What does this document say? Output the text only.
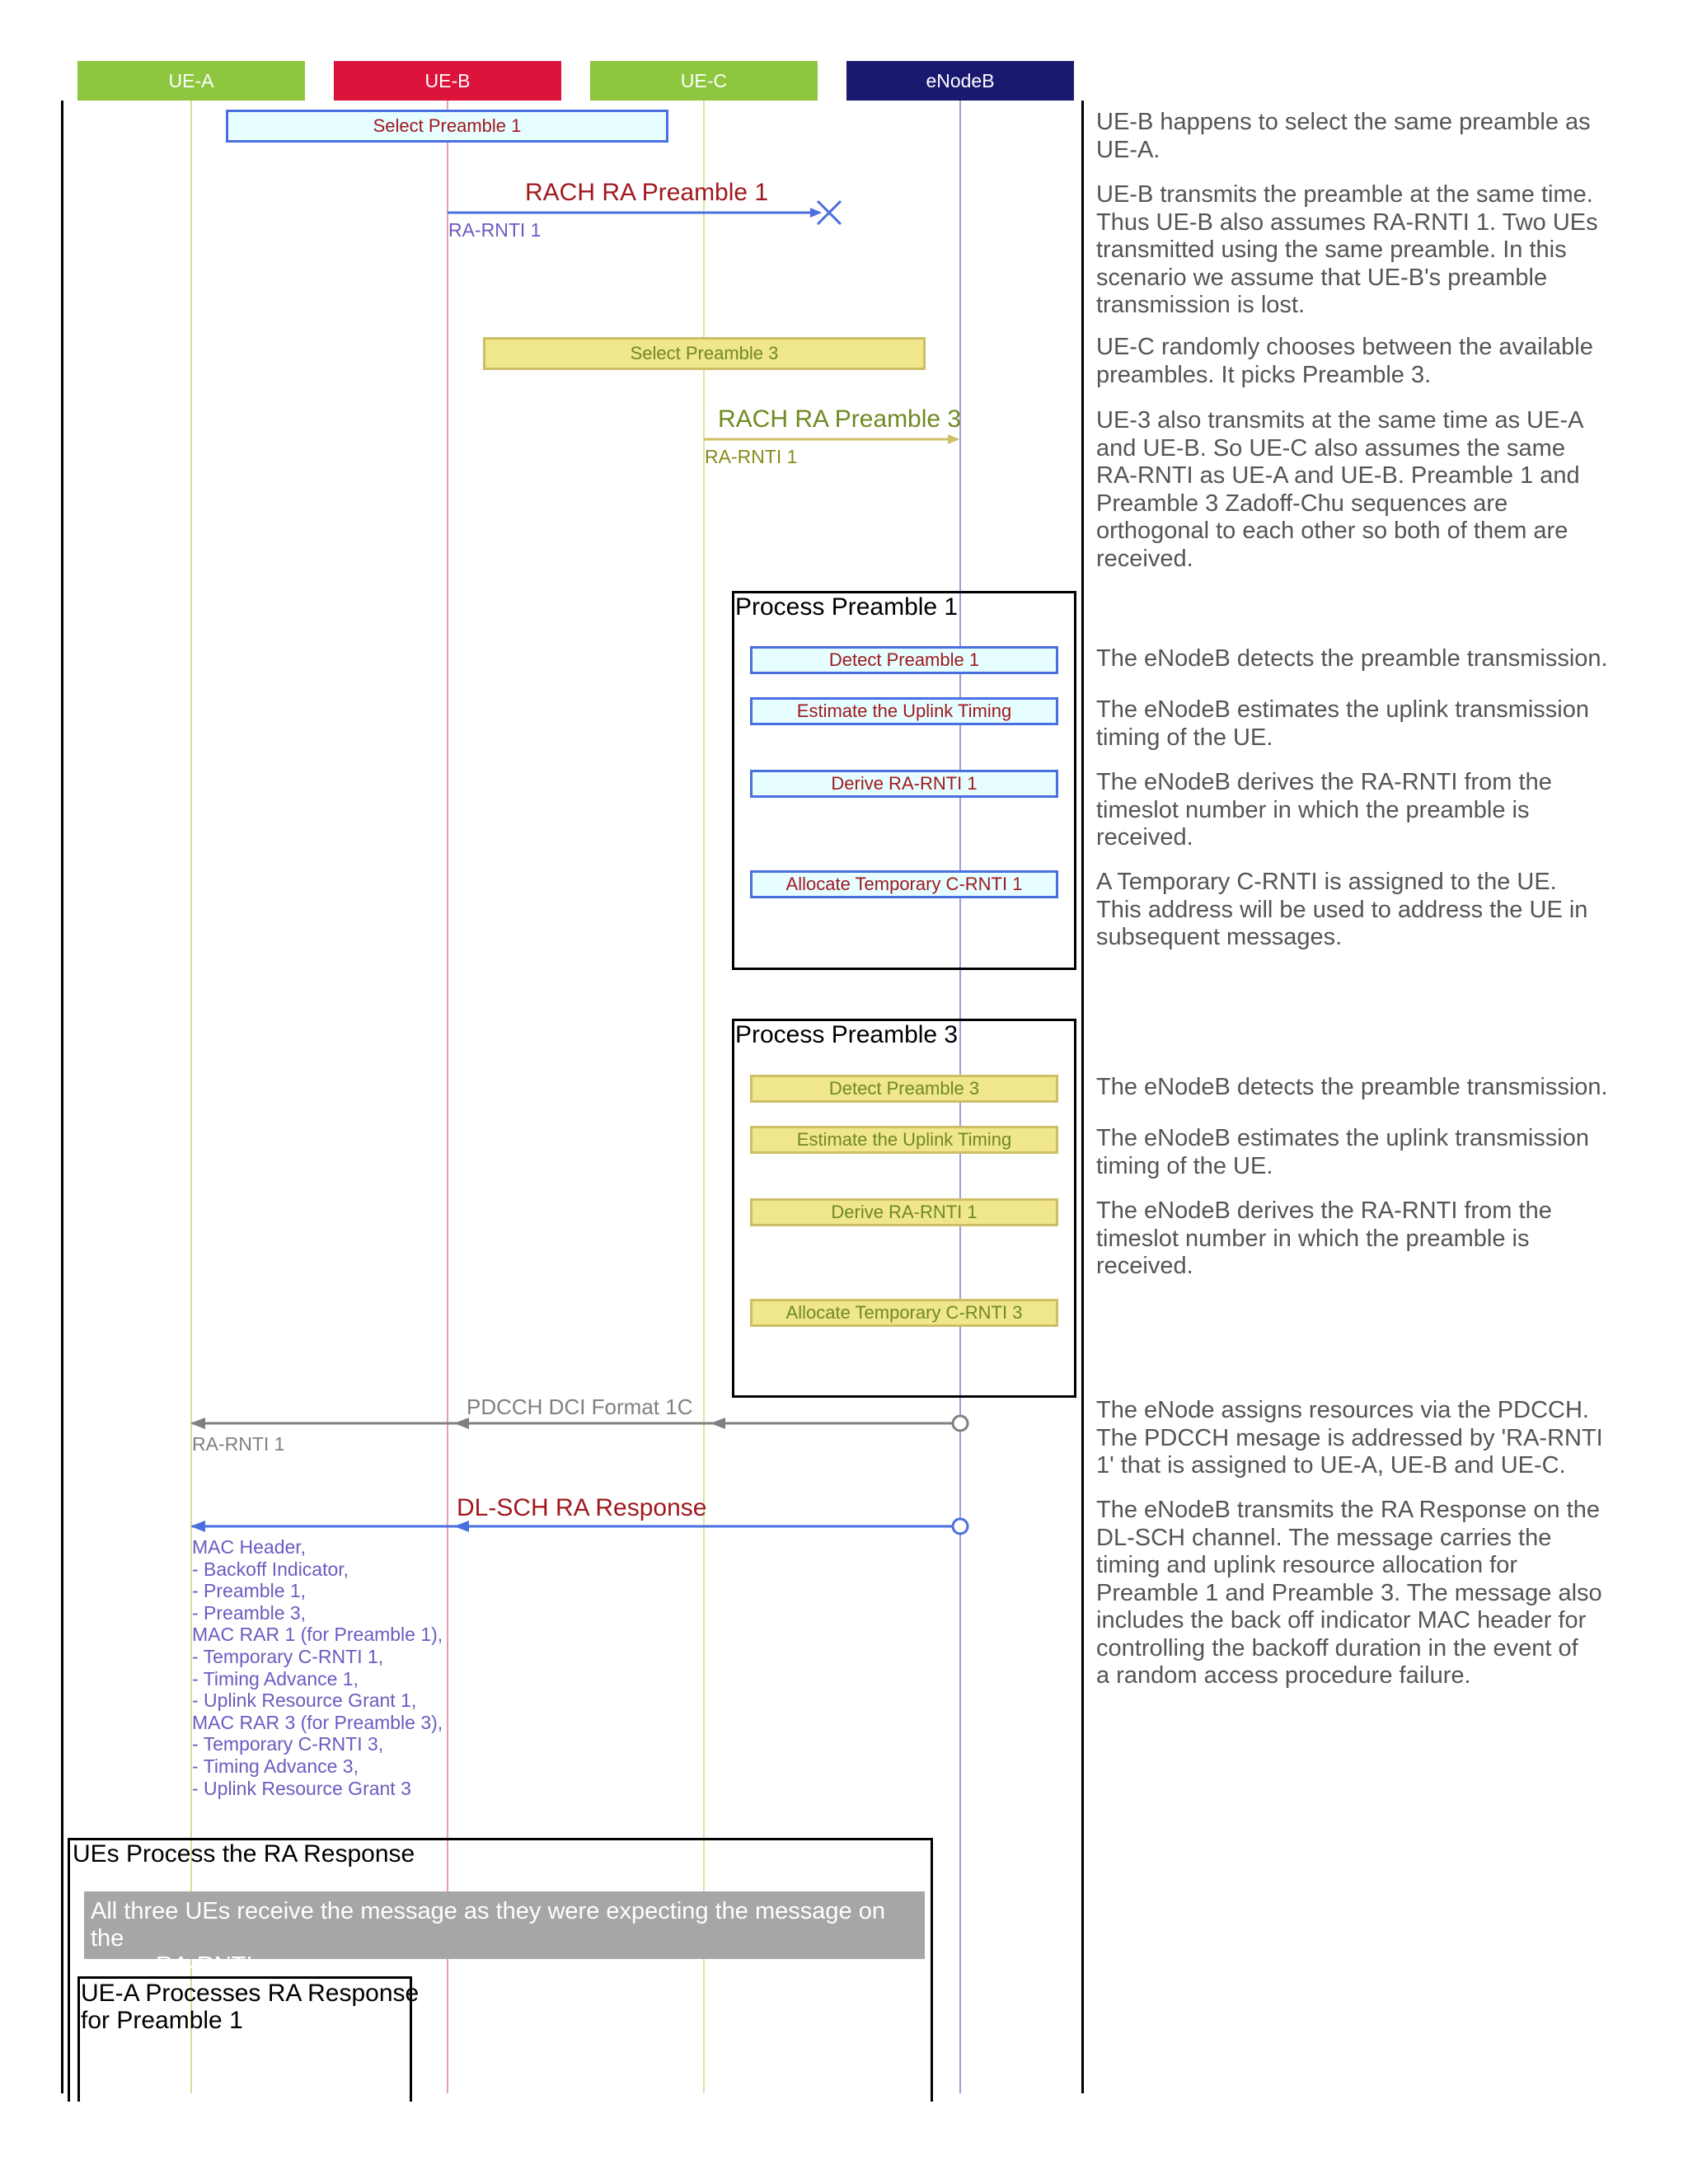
UE-A	UE-B	UE-C	eNodeB
Select Preamble 1
Select Preamble 3
RACH RA Preamble 1
RA-RNTI 1
RACH RA Preamble 3
RA-RNTI 1
PDCCH DCI Format 1C
RA-RNTI 1
DL-SCH RA Response
MAC Header,
- Backoff Indicator,
- Preamble 1,
- Preamble 3,
MAC RAR 1 (for Preamble 1),
- Temporary C-RNTI 1,
- Timing Advance 1,
- Uplink Resource Grant 1,
MAC RAR 3 (for Preamble 3),
- Temporary C-RNTI 3,
- Timing Advance 3,
- Uplink Resource Grant 3
Process Preamble 1
Detect Preamble 1
Estimate the Uplink Timing
Derive RA-RNTI 1
Allocate Temporary C-RNTI 1
Process Preamble 3
Detect Preamble 3
Estimate the Uplink Timing
Derive RA-RNTI 1
Allocate Temporary C-RNTI 3
UEs Process the RA Response
All three UEs receive the message as they were expecting the message on the
same RA-RNTI.
UE-A Processes RA Response
for Preamble 1
UE-B happens to select the same preamble as
UE-A.
UE-B transmits the preamble at the same time.
Thus UE-B also assumes RA-RNTI 1. Two UEs
transmitted using the same preamble. In this
scenario we assume that UE-B's preamble
transmission is lost.
UE-C randomly chooses between the available
preambles. It picks Preamble 3.
UE-3 also transmits at the same time as UE-A
and UE-B. So UE-C also assumes the same
RA-RNTI as UE-A and UE-B. Preamble 1 and
Preamble 3 Zadoff-Chu sequences are
orthogonal to each other so both of them are
received.
The eNodeB detects the preamble transmission.
The eNodeB estimates the uplink transmission
timing of the UE.
The eNodeB derives the RA-RNTI from the
timeslot number in which the preamble is
received.
A Temporary C-RNTI is assigned to the UE.
This address will be used to address the UE in
subsequent messages.
The eNodeB detects the preamble transmission.
The eNodeB estimates the uplink transmission
timing of the UE.
The eNodeB derives the RA-RNTI from the
timeslot number in which the preamble is
received.
The eNode assigns resources via the PDCCH.
The PDCCH mesage is addressed by 'RA-RNTI
1' that is assigned to UE-A, UE-B and UE-C.
The eNodeB transmits the RA Response on the
DL-SCH channel. The message carries the
timing and uplink resource allocation for
Preamble 1 and Preamble 3. The message also
includes the back off indicator MAC header for
controlling the backoff duration in the event of
a random access procedure failure.
